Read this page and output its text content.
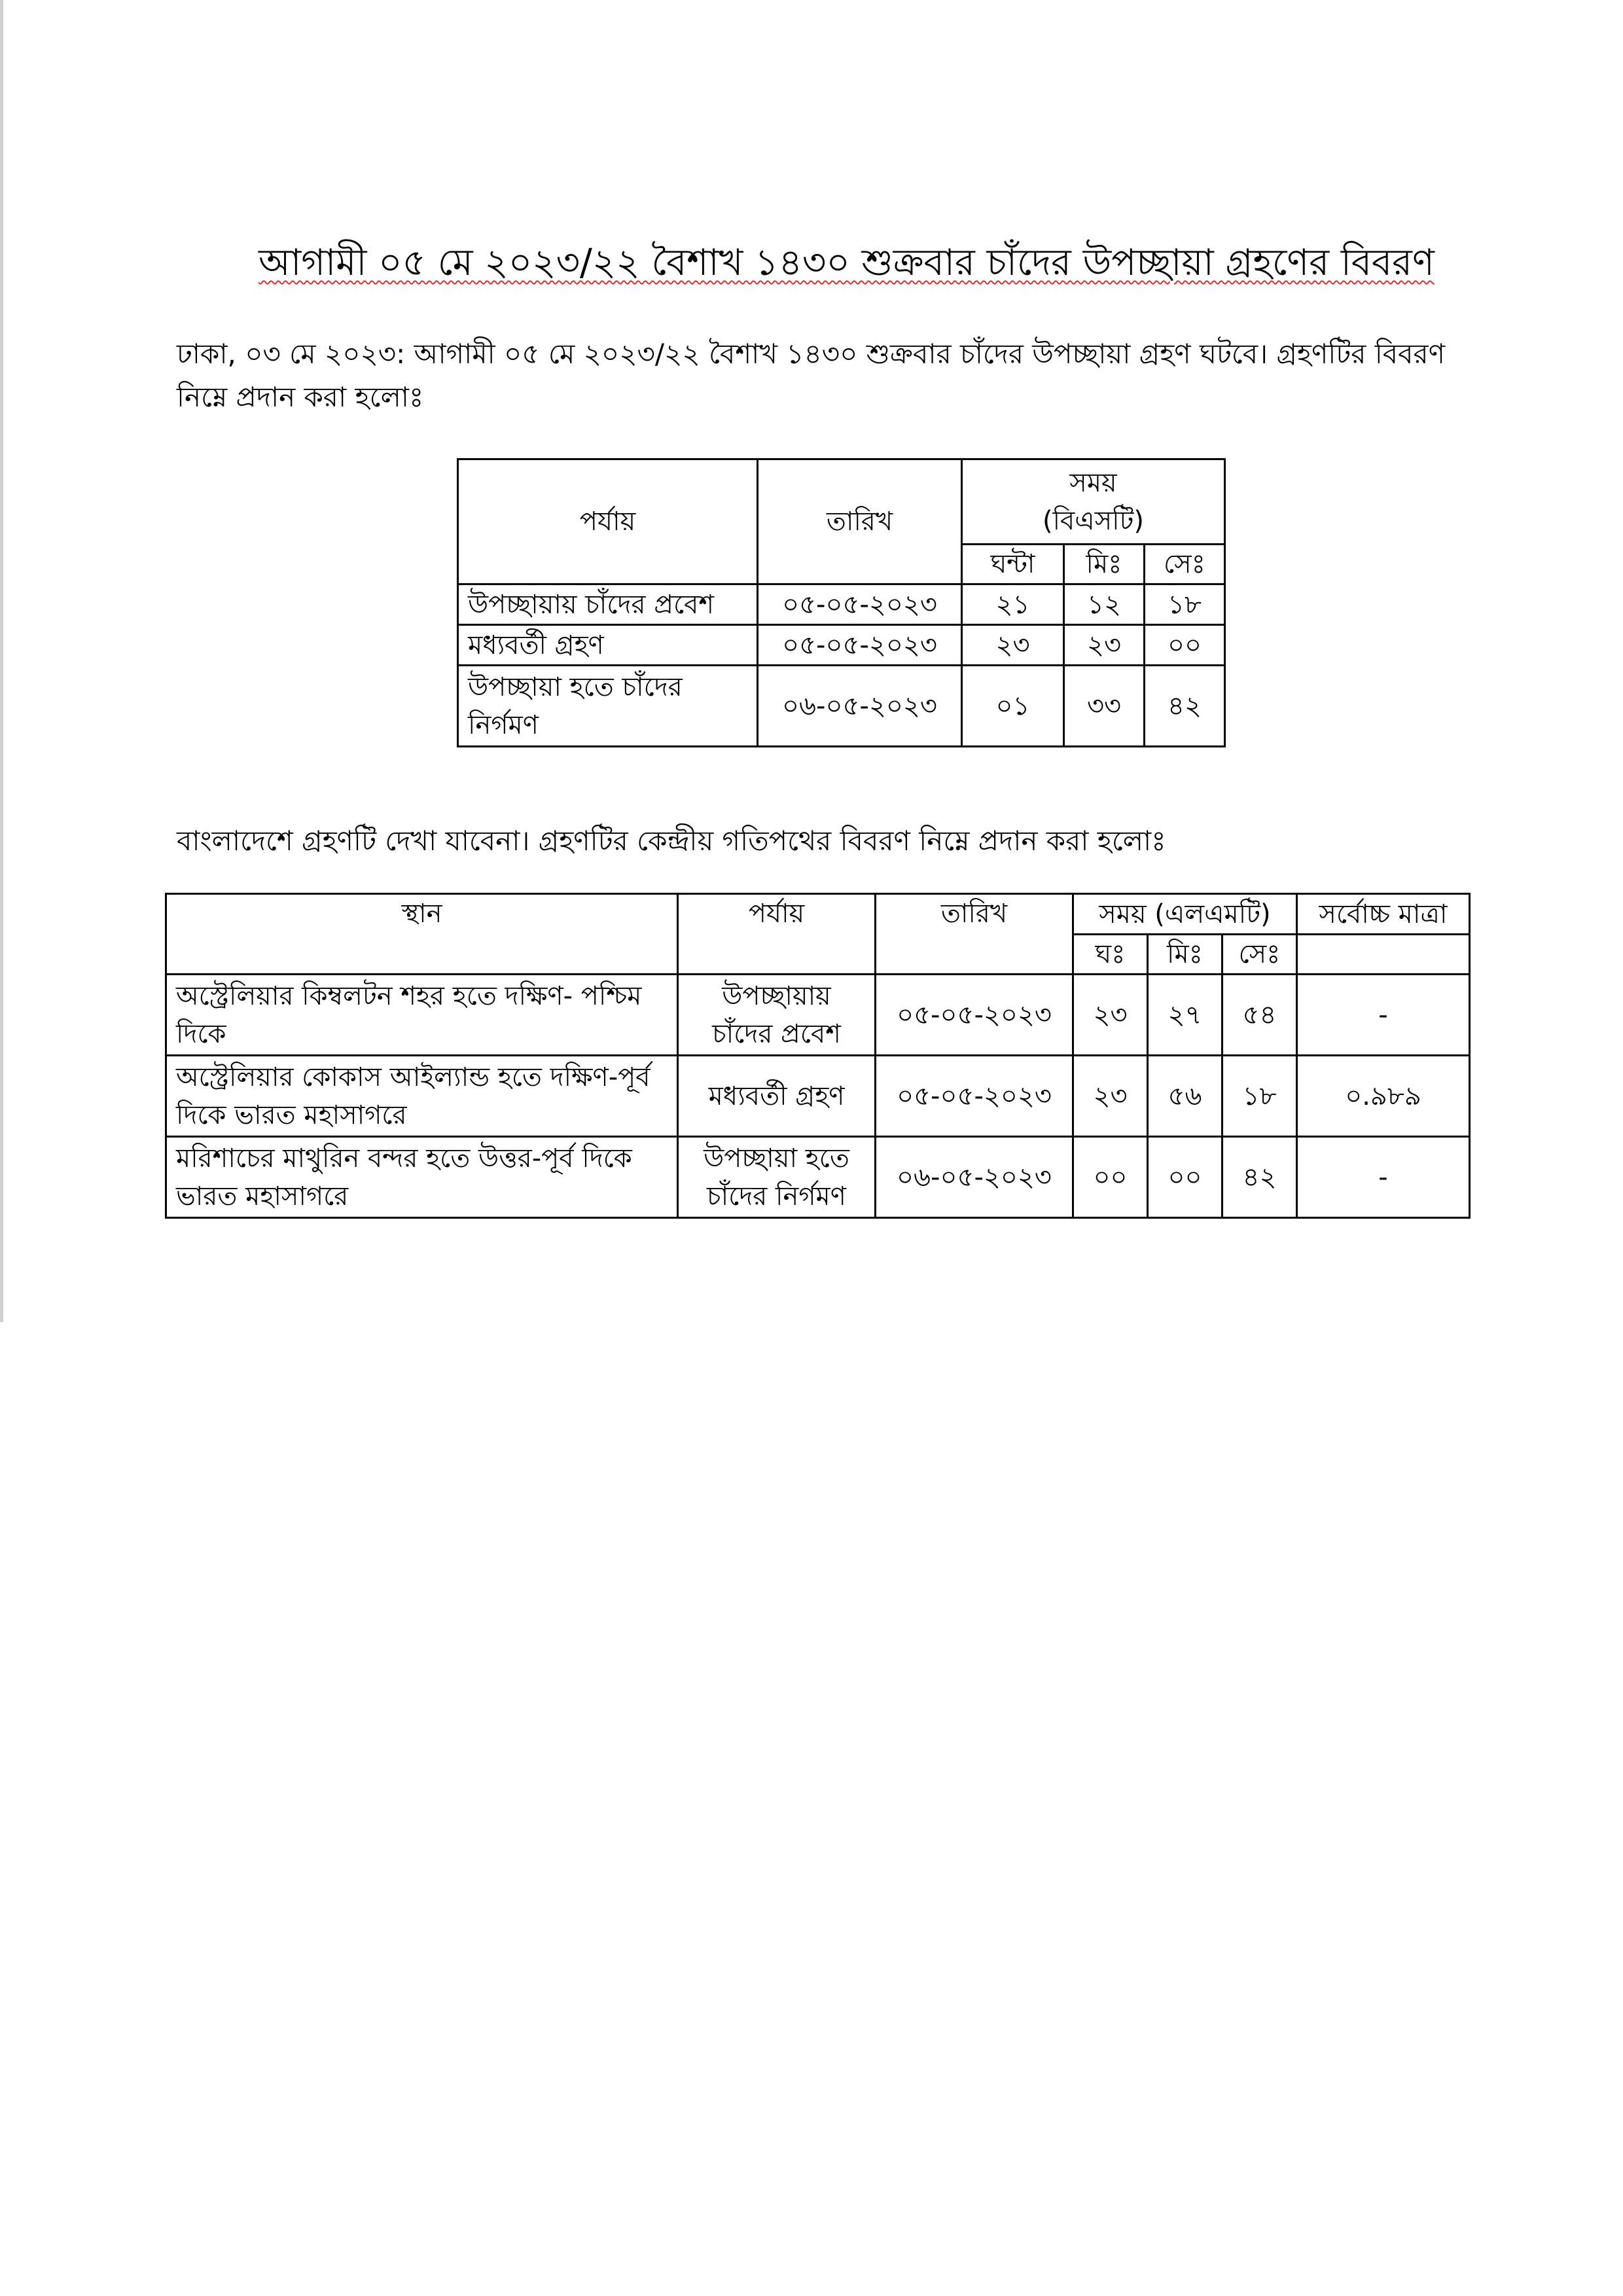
আগামী ০৫ মে ২০২৩/২২ বৈশাখ ১৪৩০ শুক্রবার চাঁদের উপচ্ছায়া গ্রহণের বিবরণ
ঢাকা, ০৩ মে ২০২৩: আগামী ০৫ মে ২০২৩/২২ বৈশাখ ১৪৩০ শুক্রবার চাঁদের উপচ্ছায়া গ্রহণ ঘটবে। গ্রহণটির বিবরণ নিম্নে প্রদান করা হলোঃ
পর্যায়	তারিখ	সময়
(বিএসটি)		

		ঘন্টা	মিঃ	সেঃ
উপচ্ছায়ায় চাঁদের প্রবেশ	০৫-০৫-২০২৩	২১	১২	১৮
মধ্যবর্তী গ্রহণ	০৫-০৫-২০২৩	২৩	২৩	০০
উপচ্ছায়া হতে চাঁদের নির্গমণ	০৬-০৫-২০২৩	০১	৩৩	৪২
বাংলাদেশে গ্রহণটি দেখা যাবেনা। গ্রহণটির কেন্দ্রীয় গতিপথের বিবরণ নিম্নে প্রদান করা হলোঃ
স্থান	পর্যায়	তারিখ	সময় (এলএমটি)			সর্বোচ্চ মাত্রা
			ঘঃ	মিঃ	সেঃ	
অস্ট্রেলিয়ার কিম্বলটন শহর হতে দক্ষিণ- পশ্চিম দিকে	উপচ্ছায়ায় চাঁদের প্রবেশ	০৫-০৫-২০২৩	২৩	২৭	৫৪	-
অস্ট্রেলিয়ার কোকাস আইল্যান্ড হতে দক্ষিণ-পূর্ব দিকে ভারত মহাসাগরে	মধ্যবর্তী গ্রহণ	০৫-০৫-২০২৩	২৩	৫৬	১৮	০.৯৮৯
মরিশাচের মাথুরিন বন্দর হতে উত্তর-পূর্ব দিকে ভারত মহাসাগরে	উপচ্ছায়া হতে চাঁদের নির্গমণ	০৬-০৫-২০২৩	০০	০০	৪২	-
